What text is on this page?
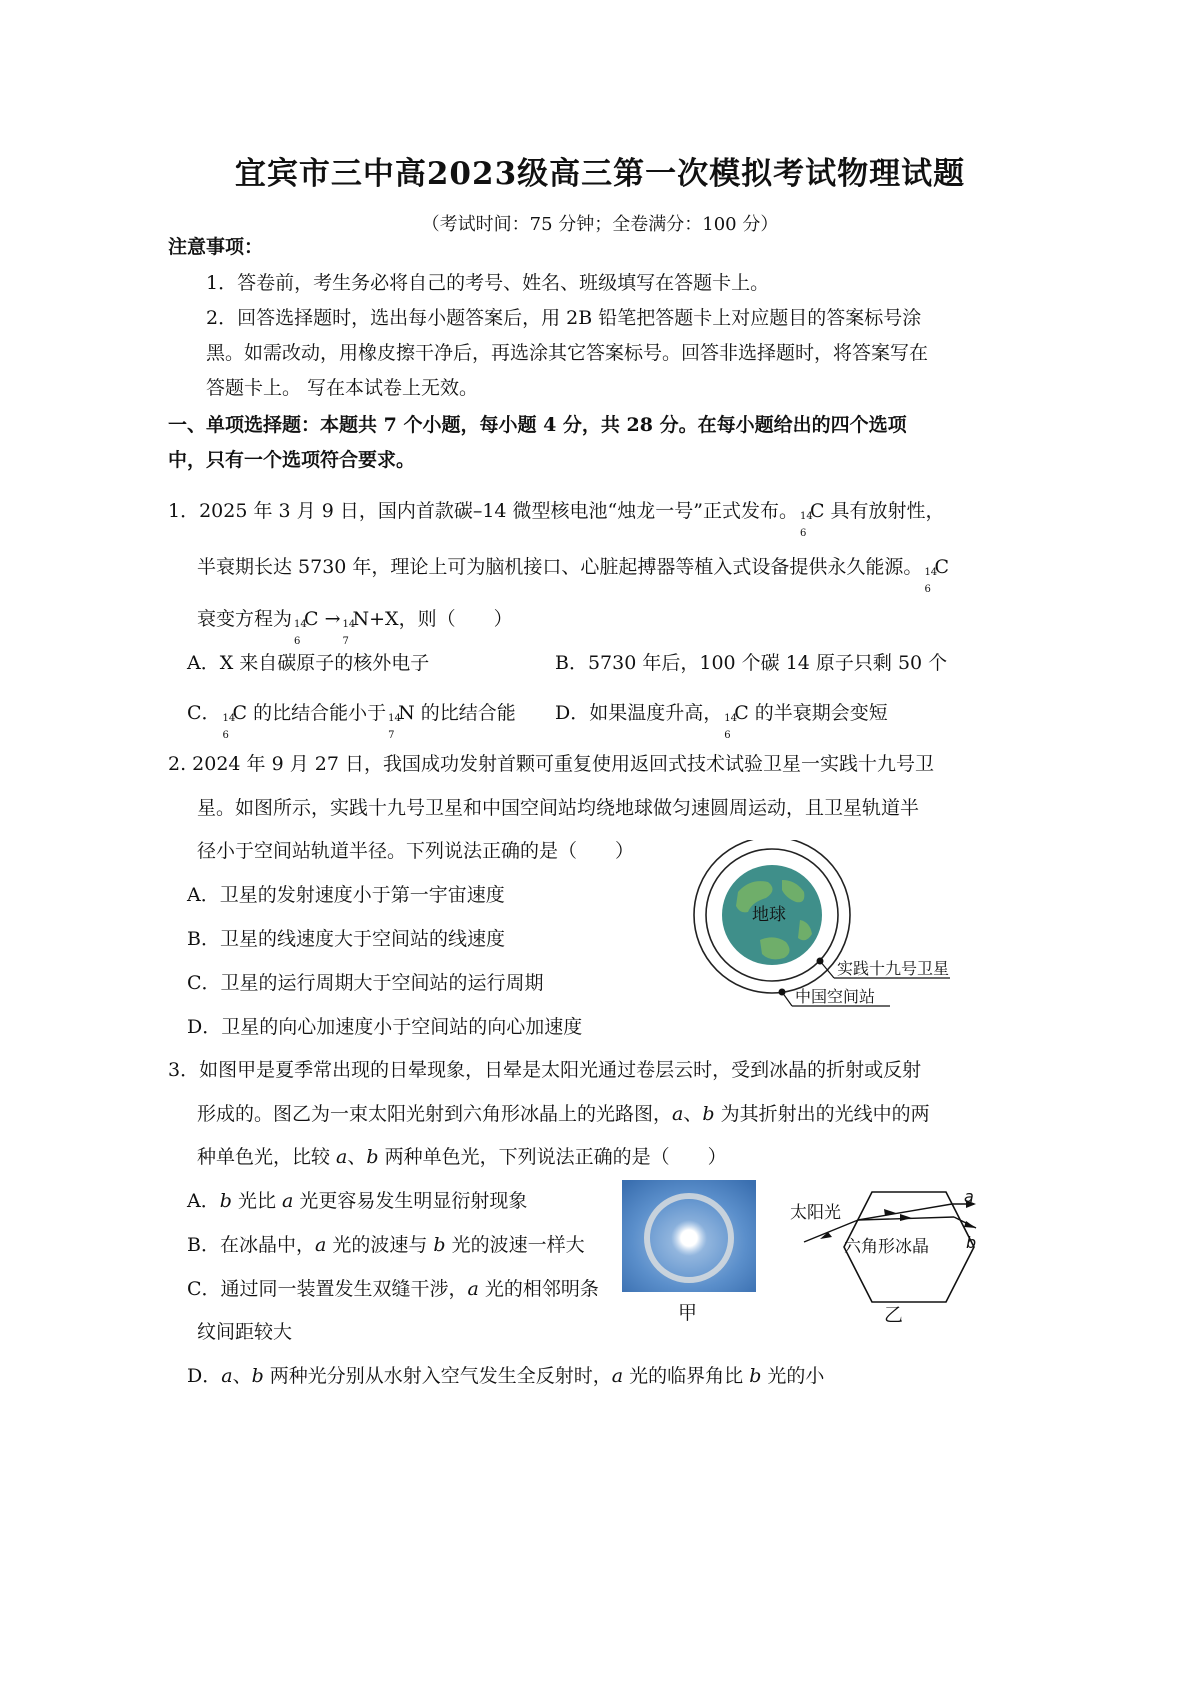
宜宾市三中高2023级高三第一次模拟考试物理试题
（考试时间：75 分钟；全卷满分：100 分）
注意事项：
1．答卷前，考生务必将自己的考号、姓名、班级填写在答题卡上。
2．回答选择题时，选出每小题答案后，用 2B 铅笔把答题卡上对应题目的答案标号涂
黑。如需改动，用橡皮擦干净后，再选涂其它答案标号。回答非选择题时，将答案写在
答题卡上。 写在本试卷上无效。
一、单项选择题：本题共 7 个小题，每小题 4 分，共 28 分。在每小题给出的四个选项
中，只有一个选项符合要求。
1．2025 年 3 月 9 日，国内首款碳–14 微型核电池“烛龙一号”正式发布。 14
6
C 具有放射性，
半衰期长达 5730 年，理论上可为脑机接口、心脏起搏器等植入式设备提供永久能源。 14
6
C
衰变方程为 14
6
C → 14
7
N+X，则（　　）
A．X 来自碳原子的核外电子	B．5730 年后，100 个碳 14 原子只剩 50 个
C． 14
6
C 的比结合能小于 14
7
N 的比结合能 D．如果温度升高， 14
6
C 的半衰期会变短
2. 2024 年 9 月 27 日，我国成功发射首颗可重复使用返回式技术试验卫星一实践十九号卫
星。如图所示，实践十九号卫星和中国空间站均绕地球做匀速圆周运动，且卫星轨道半
径小于空间站轨道半径。下列说法正确的是（　　）
A．卫星的发射速度小于第一宇宙速度
B．卫星的线速度大于空间站的线速度
C．卫星的运行周期大于空间站的运行周期
D．卫星的向心加速度小于空间站的向心加速度
地球
实践十九号卫星
中国空间站
3．如图甲是夏季常出现的日晕现象，日晕是太阳光通过卷层云时，受到冰晶的折射或反射
形成的。图乙为一束太阳光射到六角形冰晶上的光路图，a、b 为其折射出的光线中的两
种单色光，比较 a、b 两种单色光，下列说法正确的是（　　）
A．b 光比 a 光更容易发生明显衍射现象
B．在冰晶中，a 光的波速与 b 光的波速一样大
C．通过同一装置发生双缝干涉，a 光的相邻明条
纹间距较大
D．a、b 两种光分别从水射入空气发生全反射时，a 光的临界角比 b 光的小
甲
太阳光
六角形冰晶
a
b
乙
